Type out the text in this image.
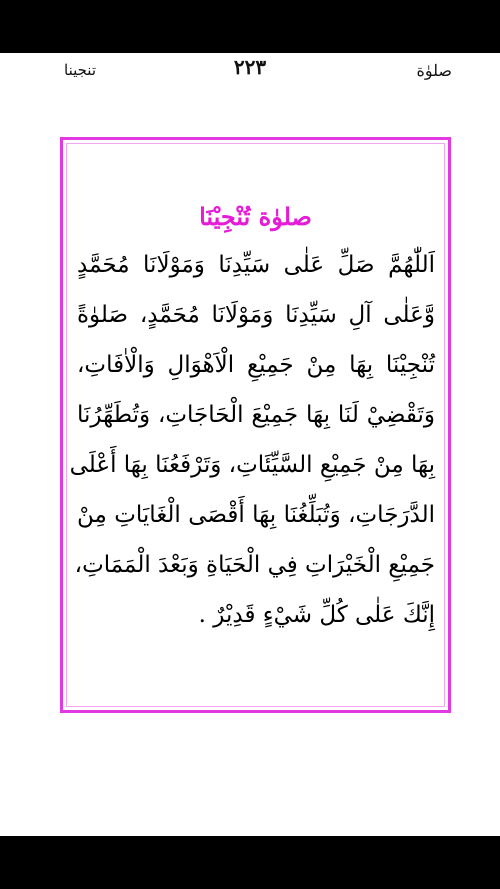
تنجينا	٢٢٣	صلوٰة
صلوٰة تُنْجِيْنَا
اَللّٰهُمَّ صَلِّ عَلٰى سَيِّدِنَا وَمَوْلَانَا مُحَمَّدٍ
وَّعَلٰى آلِ سَيِّدِنَا وَمَوْلَانَا مُحَمَّدٍ، صَلوٰةً
تُنْجِيْنَا بِهَا مِنْ جَمِيْعِ الْاَهْوَالِ وَالْاٰفَاتِ،
وَتَقْضِيْ لَنَا بِهَا جَمِيْعَ الْحَاجَاتِ، وَتُطَهِّرُنَا
بِهَا مِنْ جَمِيْعِ السَّيِّئَاتِ، وَتَرْفَعُنَا بِهَا أَعْلَى
الدَّرَجَاتِ، وَتُبَلِّغُنَا بِهَا أَقْصَى الْغَايَاتِ مِنْ
جَمِيْعِ الْخَيْرَاتِ فِي الْحَيَاةِ وَبَعْدَ الْمَمَاتِ،
إِنَّكَ عَلٰى كُلِّ شَيْءٍ قَدِيْرٌ .
